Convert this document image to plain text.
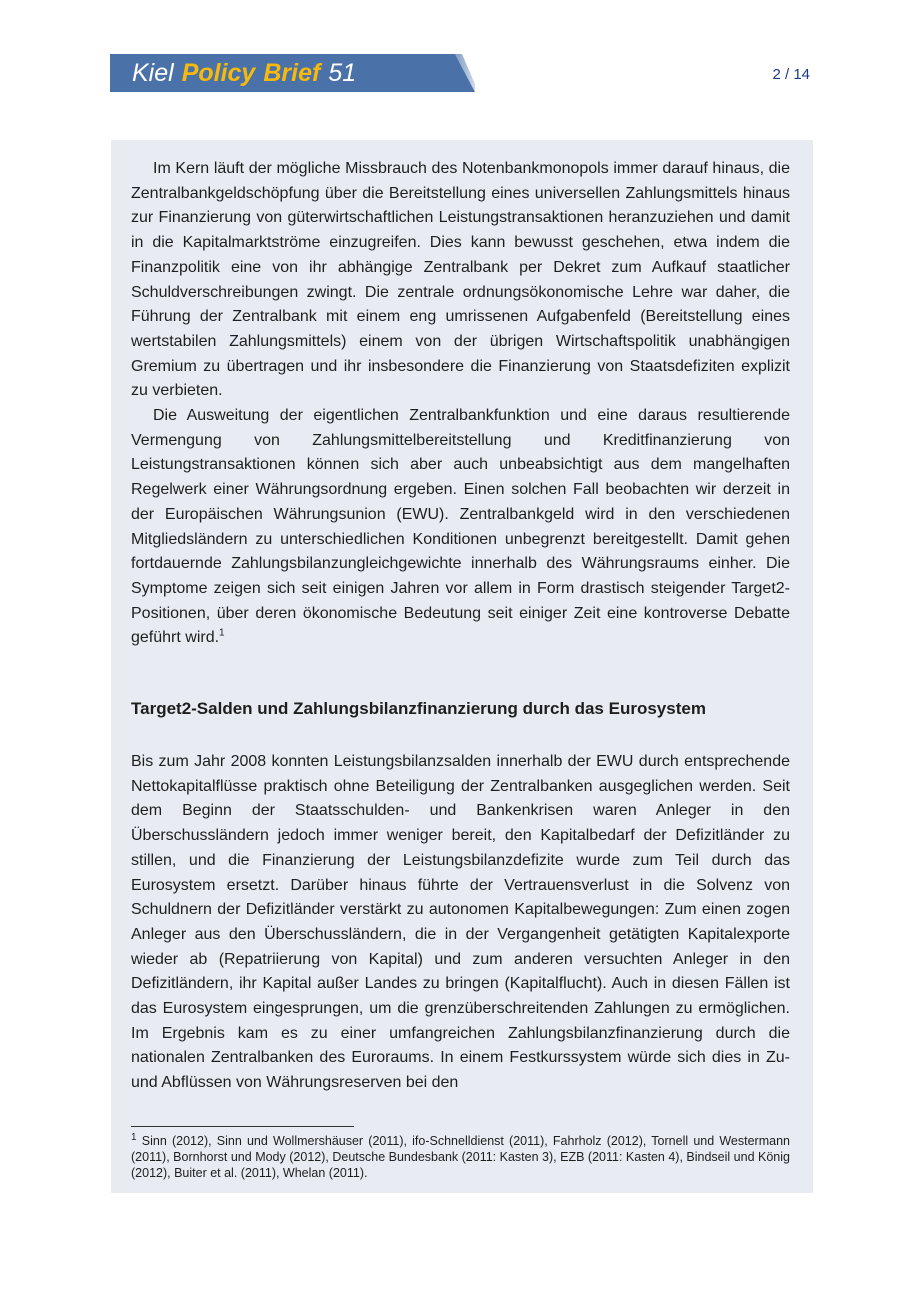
Kiel Policy Brief 51	2 / 14

Im Kern läuft der mögliche Missbrauch des Notenbankmonopols immer darauf hinaus, die Zentralbankgeldschöpfung über die Bereitstellung eines universellen Zahlungsmittels hinaus zur Finanzierung von güterwirtschaftlichen Leistungstransaktionen heranzuziehen und damit in die Kapitalmarktströme einzugreifen. Dies kann bewusst geschehen, etwa indem die Finanzpolitik eine von ihr abhängige Zentralbank per Dekret zum Aufkauf staatlicher Schuldverschreibungen zwingt. Die zentrale ordnungsökonomische Lehre war daher, die Führung der Zentralbank mit einem eng umrissenen Aufgabenfeld (Bereitstellung eines wertstabilen Zahlungsmittels) einem von der übrigen Wirtschaftspolitik unabhängigen Gremium zu übertragen und ihr insbesondere die Finanzierung von Staatsdefiziten explizit zu verbieten.

Die Ausweitung der eigentlichen Zentralbankfunktion und eine daraus resultierende Vermengung von Zahlungsmittelbereitstellung und Kreditfinanzierung von Leistungstransaktionen können sich aber auch unbeabsichtigt aus dem mangelhaften Regelwerk einer Währungsordnung ergeben. Einen solchen Fall beobachten wir derzeit in der Europäischen Währungsunion (EWU). Zentralbankgeld wird in den verschiedenen Mitgliedsländern zu unterschiedlichen Konditionen unbegrenzt bereitgestellt. Damit gehen fortdauernde Zahlungsbilanzungleichgewichte innerhalb des Währungsraums einher. Die Symptome zeigen sich seit einigen Jahren vor allem in Form drastisch steigender Target2-Positionen, über deren ökonomische Bedeutung seit einiger Zeit eine kontroverse Debatte geführt wird.$^1$

Target2-Salden und Zahlungsbilanzfinanzierung durch das Eurosystem

Bis zum Jahr 2008 konnten Leistungsbilanzsalden innerhalb der EWU durch entsprechende Nettokapitalflüsse praktisch ohne Beteiligung der Zentralbanken ausgeglichen werden. Seit dem Beginn der Staatsschulden- und Bankenkrisen waren Anleger in den Überschussländern jedoch immer weniger bereit, den Kapitalbedarf der Defizitländer zu stillen, und die Finanzierung der Leistungsbilanzdefizite wurde zum Teil durch das Eurosystem ersetzt. Darüber hinaus führte der Vertrauensverlust in die Solvenz von Schuldnern der Defizitländer verstärkt zu autonomen Kapitalbewegungen: Zum einen zogen Anleger aus den Überschussländern, die in der Vergangenheit getätigten Kapitalexporte wieder ab (Repatriierung von Kapital) und zum anderen versuchten Anleger in den Defizitländern, ihr Kapital außer Landes zu bringen (Kapitalflucht). Auch in diesen Fällen ist das Eurosystem eingesprungen, um die grenzüberschreitenden Zahlungen zu ermöglichen. Im Ergebnis kam es zu einer umfangreichen Zahlungsbilanzfinanzierung durch die nationalen Zentralbanken des Euroraums. In einem Festkurssystem würde sich dies in Zu- und Abflüssen von Währungsreserven bei den

$^1$ Sinn (2012), Sinn und Wollmershäuser (2011), ifo-Schnelldienst (2011), Fahrholz (2012), Tornell und Westermann (2011), Bornhorst und Mody (2012), Deutsche Bundesbank (2011: Kasten 3), EZB (2011: Kasten 4), Bindseil und König (2012), Buiter et al. (2011), Whelan (2011).
